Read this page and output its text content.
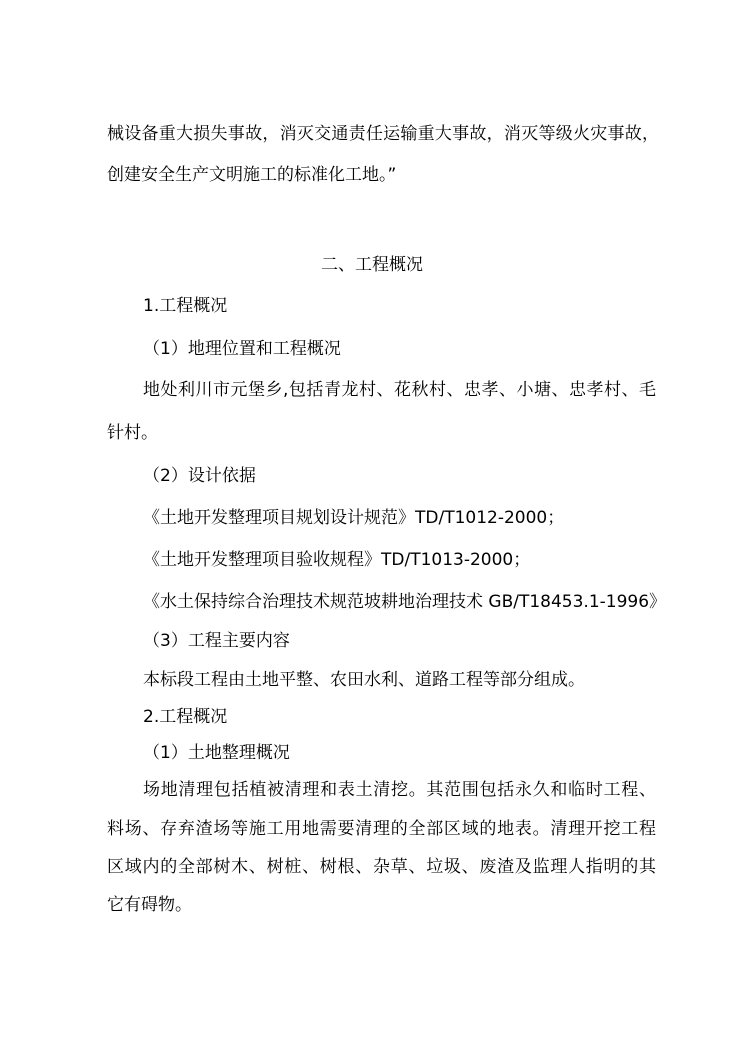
械设备重大损失事故，消灭交通责任运输重大事故，消灭等级火灾事故，
创建安全生产文明施工的标准化工地。”
二、工程概况
1.工程概况
（1）地理位置和工程概况
地处利川市元堡乡,包括青龙村、花秋村、忠孝、小塘、忠孝村、毛
针村。
（2）设计依据
《土地开发整理项目规划设计规范》TD/T1012-2000；
《土地开发整理项目验收规程》TD/T1013-2000；
《水土保持综合治理技术规范坡耕地治理技术 GB/T18453.1-1996》
（3）工程主要内容
本标段工程由土地平整、农田水利、道路工程等部分组成。
2.工程概况
（1）土地整理概况
场地清理包括植被清理和表土清挖。其范围包括永久和临时工程、
料场、存弃渣场等施工用地需要清理的全部区域的地表。清理开挖工程
区域内的全部树木、树桩、树根、杂草、垃圾、废渣及监理人指明的其
它有碍物。
